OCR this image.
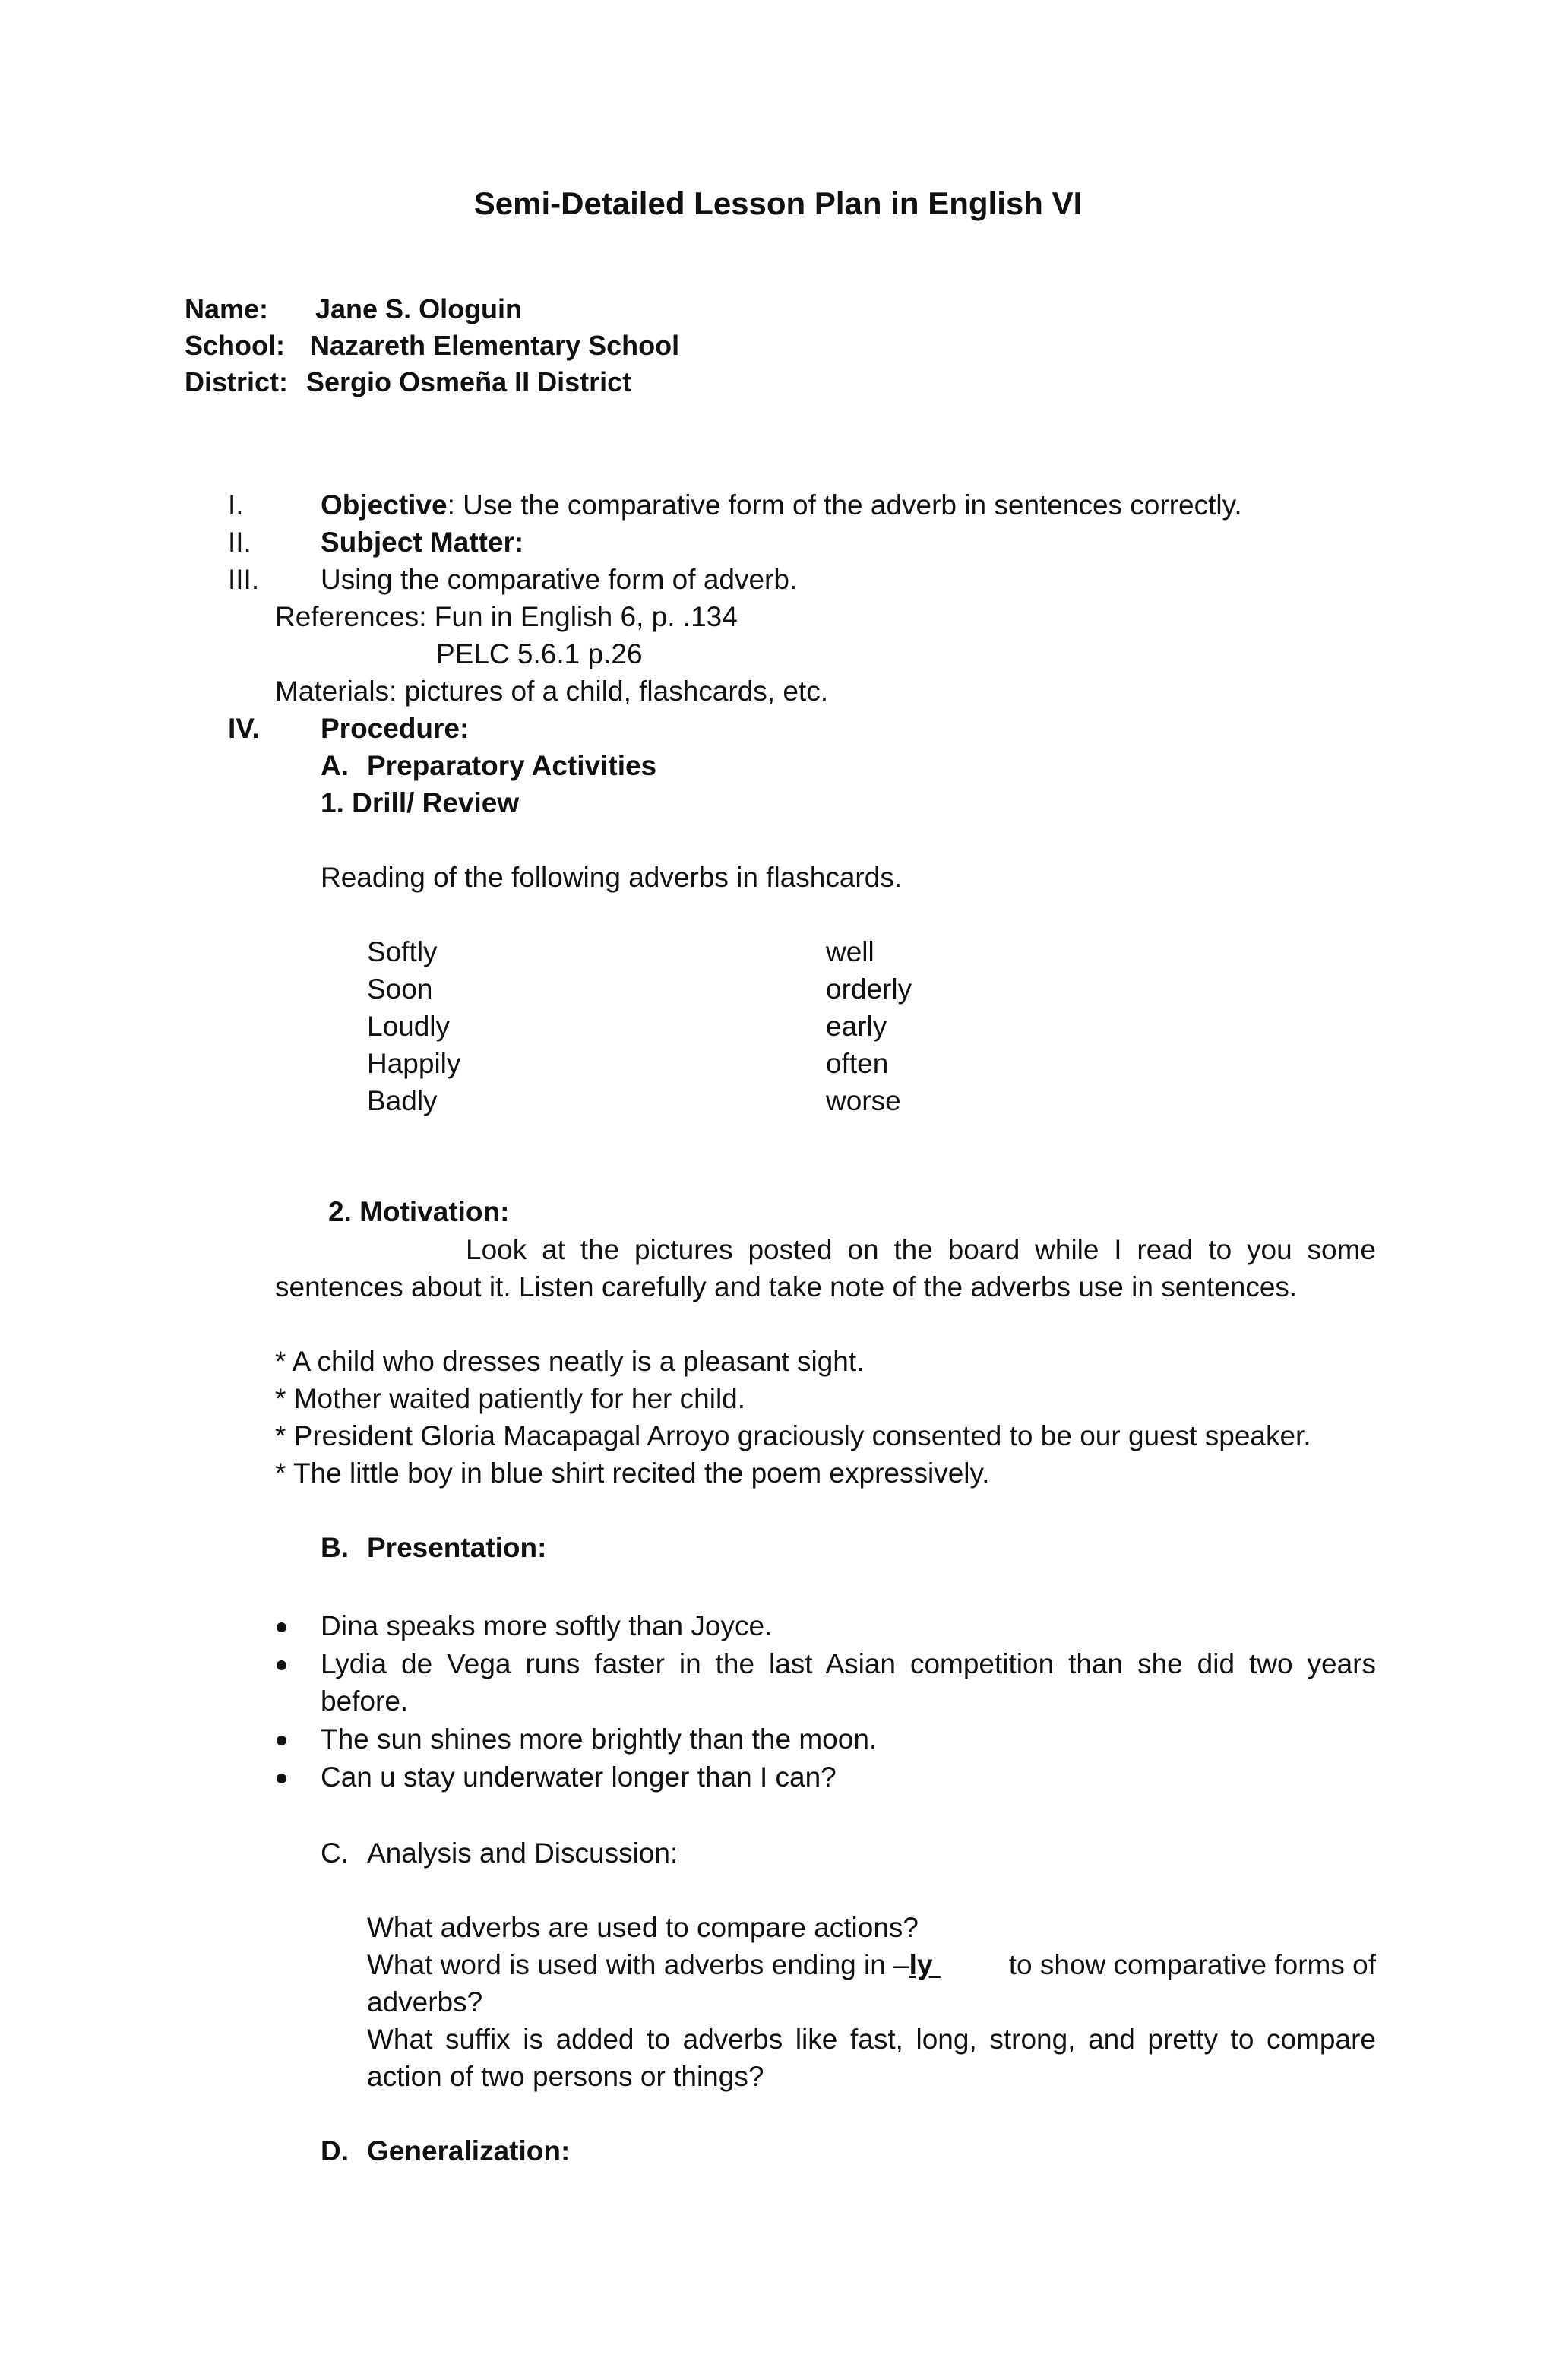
Semi-Detailed Lesson Plan in English VI
Name: Jane S. Ologuin
School: Nazareth Elementary School
District: Sergio Osmeña II District
I.	Objective: Use the comparative form of the adverb in sentences correctly.
II. Subject Matter:
III. Using the comparative form of adverb.
References: Fun in English 6, p. .134
PELC 5.6.1 p.26
Materials: pictures of a child, flashcards, etc.
IV. Procedure:
A. Preparatory Activities
1. Drill/ Review
Reading of the following adverbs in flashcards.
Softly
Soon
Loudly
Happily
Badly
well
orderly
early
often
worse
2. Motivation:
Look at the pictures posted on the board while I read to you some
sentences about it. Listen carefully and take note of the adverbs use in sentences.
* A child who dresses neatly is a pleasant sight.
* Mother waited patiently for her child.
* President Gloria Macapagal Arroyo graciously consented to be our guest speaker.
* The little boy in blue shirt recited the poem expressively.
B. Presentation:
Dina speaks more softly than Joyce.
Lydia de Vega runs faster in the last Asian competition than she did two years
before.
The sun shines more brightly than the moon.
Can u stay underwater longer than I can?
C. Analysis and Discussion:
What adverbs are used to compare actions?
What word is used with adverbs ending in –ly	to show comparative forms of
adverbs?
What suffix is added to adverbs like fast, long, strong, and pretty to compare
action of two persons or things?
D. Generalization:
